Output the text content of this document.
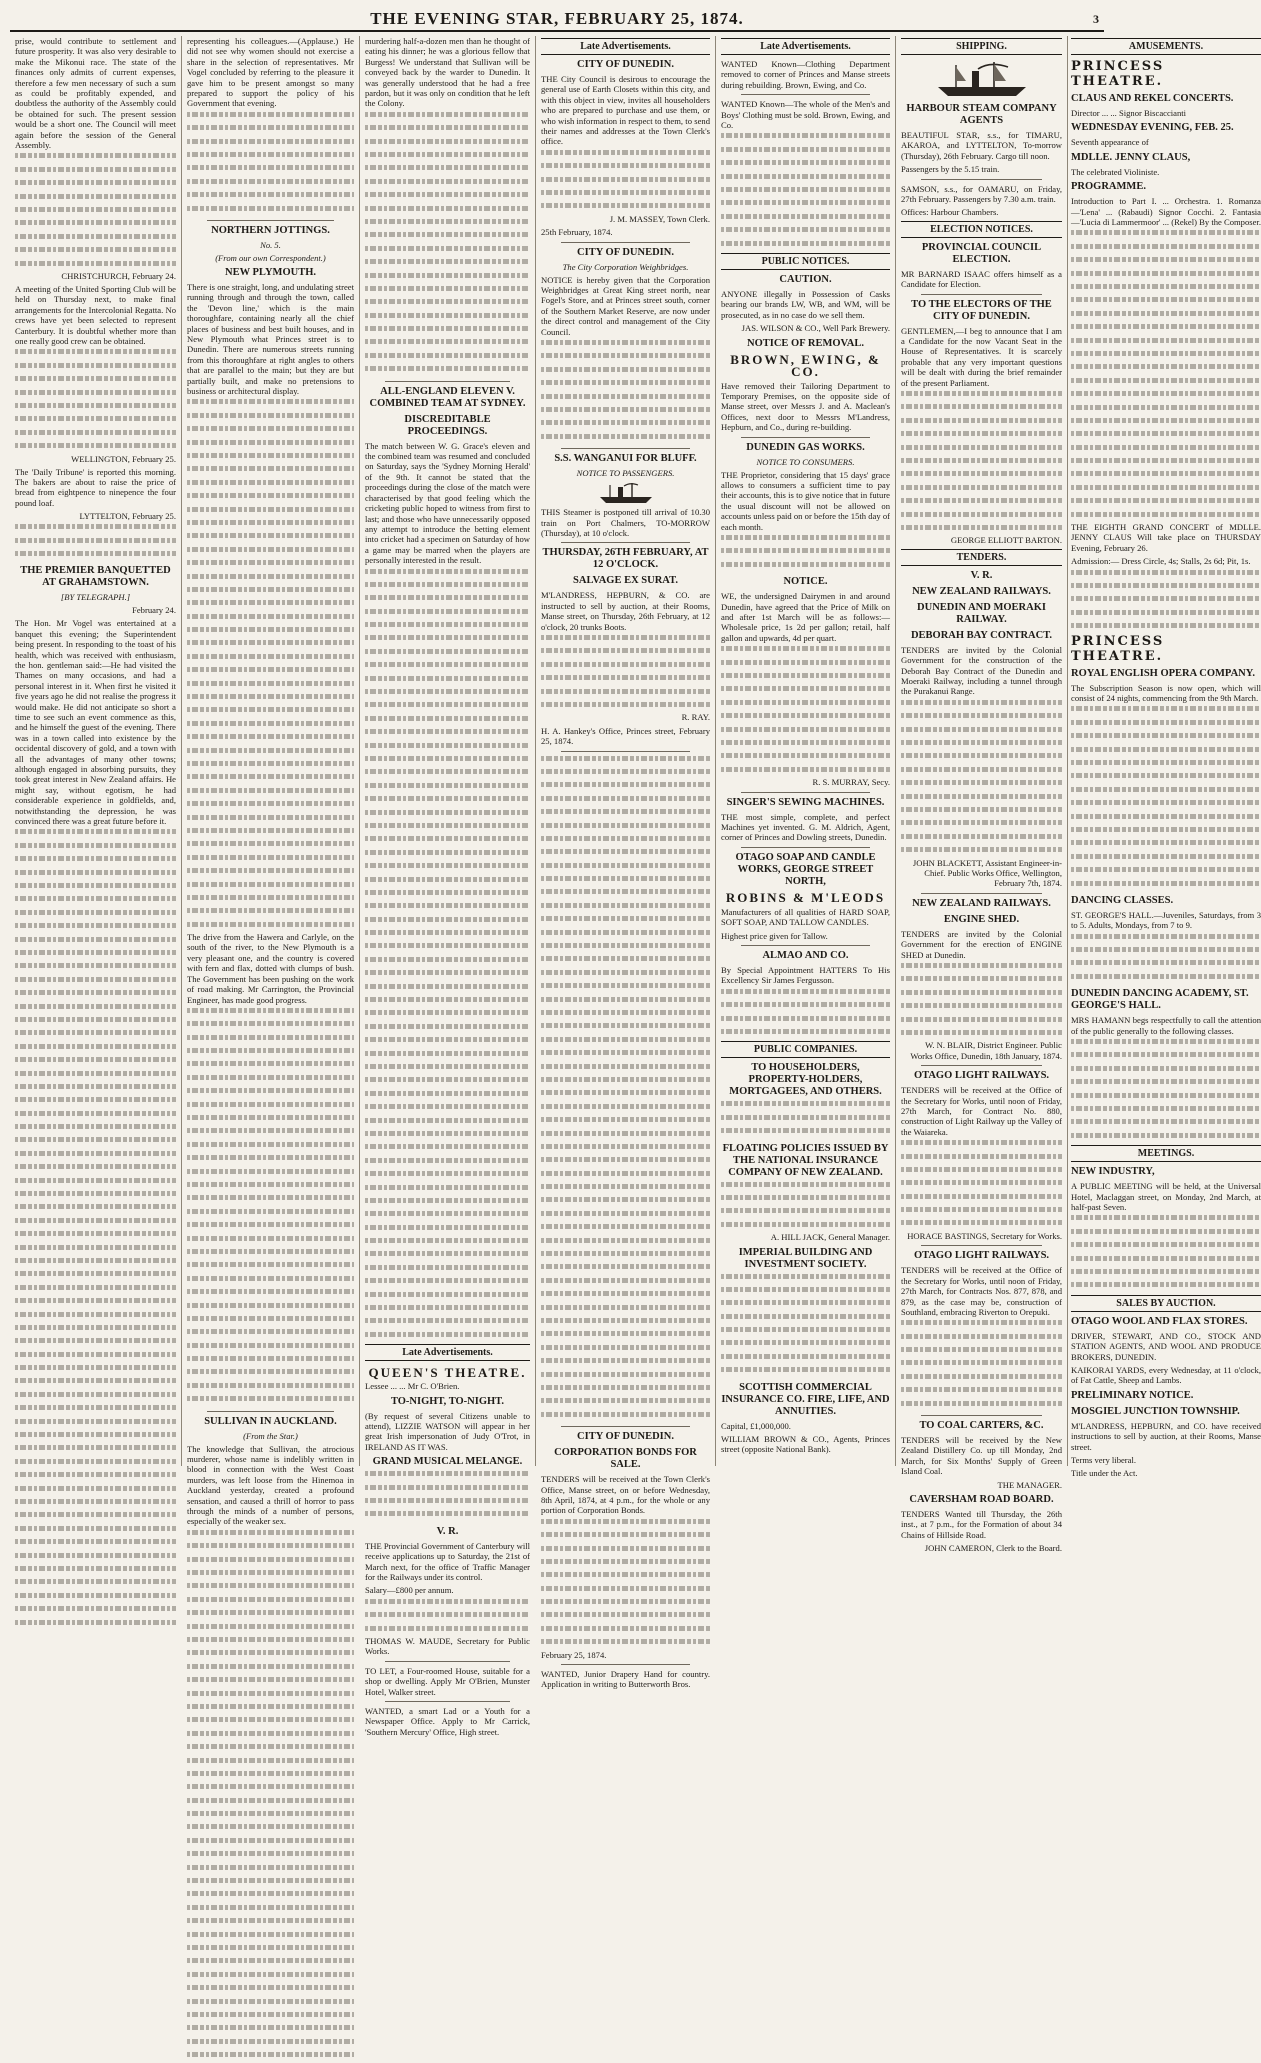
THE EVENING STAR, FEBRUARY 25, 1874.	3

prise, would contribute to settlement and future prosperity. It was also very desirable to make the Mikonui race. The state of the finances only admits of current expenses, therefore a few men necessary of such a sum as could be profitably expended, and doubtless the authority of the Assembly could be obtained for such. The present session would be a short one. The Council will meet again before the session of the General Assembly.

CHRISTCHURCH, February 24.

A meeting of the United Sporting Club will be held on Thursday next, to make final arrangements for the Intercolonial Regatta. No crews have yet been selected to represent Canterbury. It is doubtful whether more than one really good crew can be obtained.

WELLINGTON, February 25.

The 'Daily Tribune' is reported this morning. The bakers are about to raise the price of bread from eightpence to ninepence the four pound loaf.

LYTTELTON, February 25.
THE PREMIER BANQUETTED AT GRAHAMSTOWN.
[BY TELEGRAPH.]
February 24.

The Hon. Mr Vogel was entertained at a banquet this evening; the Superintendent being present. In responding to the toast of his health, which was received with enthusiasm, the hon. gentleman said:—He had visited the Thames on many occasions, and had a personal interest in it. When first he visited it five years ago he did not realise the progress it would make. He did not anticipate so short a time to see such an event commence as this, and he himself the guest of the evening. There was in a town called into existence by the occidental discovery of gold, and a town with all the advantages of many other towns; although engaged in absorbing pursuits, they took great interest in New Zealand affairs. He might say, without egotism, he had considerable experience in goldfields, and, notwithstanding the depression, he was convinced there was a great future before it.

representing his colleagues.—(Applause.) He did not see why women should not exercise a share in the selection of representatives. Mr Vogel concluded by referring to the pleasure it gave him to be present amongst so many prepared to support the policy of his Government that evening.

NORTHERN JOTTINGS.
No. 5.
(From our own Correspondent.)
NEW PLYMOUTH.

There is one straight, long, and undulating street running through and through the town, called the 'Devon line,' which is the main thoroughfare, containing nearly all the chief places of business and best built houses, and in New Plymouth what Princes street is to Dunedin. There are numerous streets running from this thoroughfare at right angles to others that are parallel to the main; but they are but partially built, and make no pretensions to business or architectural display.

The drive from the Hawera and Carlyle, on the south of the river, to the New Plymouth is a very pleasant one, and the country is covered with fern and flax, dotted with clumps of bush. The Government has been pushing on the work of road making. Mr Carrington, the Provincial Engineer, has made good progress.

SULLIVAN IN AUCKLAND.
(From the Star.)

The knowledge that Sullivan, the atrocious murderer, whose name is indelibly written in blood in connection with the West Coast murders, was left loose from the Hinemoa in Auckland yesterday, created a profound sensation, and caused a thrill of horror to pass through the minds of a number of persons, especially of the weaker sex.

murdering half-a-dozen men than he thought of eating his dinner; he was a glorious fellow that Burgess! We understand that Sullivan will be conveyed back by the warder to Dunedin. It was generally understood that he had a free pardon, but it was only on condition that he left the Colony.

ALL-ENGLAND ELEVEN V. COMBINED TEAM AT SYDNEY.
DISCREDITABLE PROCEEDINGS.

The match between W. G. Grace's eleven and the combined team was resumed and concluded on Saturday, says the 'Sydney Morning Herald' of the 9th. It cannot be stated that the proceedings during the close of the match were characterised by that good feeling which the cricketing public hoped to witness from first to last; and those who have unnecessarily opposed any attempt to introduce the betting element into cricket had a specimen on Saturday of how a game may be marred when the players are personally interested in the result.

Late Advertisements.
QUEEN'S THEATRE.

Lessee ... ... Mr C. O'Brien.

TO-NIGHT, TO-NIGHT.

(By request of several Citizens unable to attend), LIZZIE WATSON will appear in her great Irish impersonation of Judy O'Trot, in IRELAND AS IT WAS.

GRAND MUSICAL MELANGE.
V. R.

THE Provincial Government of Canterbury will receive applications up to Saturday, the 21st of March next, for the office of Traffic Manager for the Railways under its control.

Salary—£800 per annum.

THOMAS W. MAUDE, Secretary for Public Works.

TO LET, a Four-roomed House, suitable for a shop or dwelling. Apply Mr O'Brien, Munster Hotel, Walker street.

WANTED, a smart Lad or a Youth for a Newspaper Office. Apply to Mr Carrick, 'Southern Mercury' Office, High street.

Late Advertisements.
CITY OF DUNEDIN.

THE City Council is desirous to encourage the general use of Earth Closets within this city, and with this object in view, invites all householders who are prepared to purchase and use them, or who wish information in respect to them, to send their names and addresses at the Town Clerk's office.

J. M. MASSEY, Town Clerk.

25th February, 1874.

CITY OF DUNEDIN.
The City Corporation Weighbridges.

NOTICE is hereby given that the Corporation Weighbridges at Great King street north, near Fogel's Store, and at Princes street south, corner of the Southern Market Reserve, are now under the direct control and management of the City Council.

S.S. WANGANUI FOR BLUFF.
NOTICE TO PASSENGERS.

THIS Steamer is postponed till arrival of 10.30 train on Port Chalmers, TO-MORROW (Thursday), at 10 o'clock.

THURSDAY, 26TH FEBRUARY, AT 12 O'CLOCK.
SALVAGE EX SURAT.

M'LANDRESS, HEPBURN, & CO. are instructed to sell by auction, at their Rooms, Manse street, on Thursday, 26th February, at 12 o'clock, 20 trunks Boots.

R. RAY.

H. A. Hankey's Office, Princes street, February 25, 1874.

CITY OF DUNEDIN.
CORPORATION BONDS FOR SALE.

TENDERS will be received at the Town Clerk's Office, Manse street, on or before Wednesday, 8th April, 1874, at 4 p.m., for the whole or any portion of Corporation Bonds.

February 25, 1874.

WANTED, Junior Drapery Hand for country. Application in writing to Butterworth Bros.

Late Advertisements.

WANTED Known—Clothing Department removed to corner of Princes and Manse streets during rebuilding. Brown, Ewing, and Co.

WANTED Known—The whole of the Men's and Boys' Clothing must be sold. Brown, Ewing, and Co.

PUBLIC NOTICES.
CAUTION.

ANYONE illegally in Possession of Casks bearing our brands LW, WB, and WM, will be prosecuted, as in no case do we sell them.

JAS. WILSON & CO., Well Park Brewery.

NOTICE OF REMOVAL.
BROWN, EWING, & CO.

Have removed their Tailoring Department to Temporary Premises, on the opposite side of Manse street, over Messrs J. and A. Maclean's Offices, next door to Messrs M'Landress, Hepburn, and Co., during re-building.

DUNEDIN GAS WORKS.
NOTICE TO CONSUMERS.

THE Proprietor, considering that 15 days' grace allows to consumers a sufficient time to pay their accounts, this is to give notice that in future the usual discount will not be allowed on accounts unless paid on or before the 15th day of each month.

NOTICE.

WE, the undersigned Dairymen in and around Dunedin, have agreed that the Price of Milk on and after 1st March will be as follows:—Wholesale price, 1s 2d per gallon; retail, half gallon and upwards, 4d per quart.

R. S. MURRAY, Secy.

SINGER'S SEWING MACHINES.

THE most simple, complete, and perfect Machines yet invented. G. M. Aldrich, Agent, corner of Princes and Dowling streets, Dunedin.

OTAGO SOAP AND CANDLE WORKS, GEORGE STREET NORTH,
ROBINS & M'LEODS

Manufacturers of all qualities of HARD SOAP, SOFT SOAP, AND TALLOW CANDLES.

Highest price given for Tallow.

ALMAO AND CO.

By Special Appointment HATTERS To His Excellency Sir James Fergusson.

PUBLIC COMPANIES.
TO HOUSEHOLDERS, PROPERTY-HOLDERS, MORTGAGEES, AND OTHERS.
FLOATING POLICIES ISSUED BY THE NATIONAL INSURANCE COMPANY OF NEW ZEALAND.

A. HILL JACK, General Manager.

IMPERIAL BUILDING AND INVESTMENT SOCIETY.
SCOTTISH COMMERCIAL INSURANCE CO. FIRE, LIFE, AND ANNUITIES.

Capital, £1,000,000.

WILLIAM BROWN & CO., Agents, Princes street (opposite National Bank).

SHIPPING.
HARBOUR STEAM COMPANY AGENTS

BEAUTIFUL STAR, s.s., for TIMARU, AKAROA, and LYTTELTON, To-morrow (Thursday), 26th February. Cargo till noon.

Passengers by the 5.15 train.

SAMSON, s.s., for OAMARU, on Friday, 27th February. Passengers by 7.30 a.m. train.

Offices: Harbour Chambers.

ELECTION NOTICES.
PROVINCIAL COUNCIL ELECTION.

MR BARNARD ISAAC offers himself as a Candidate for Election.

TO THE ELECTORS OF THE CITY OF DUNEDIN.

GENTLEMEN,—I beg to announce that I am a Candidate for the now Vacant Seat in the House of Representatives. It is scarcely probable that any very important questions will be dealt with during the brief remainder of the present Parliament.

GEORGE ELLIOTT BARTON.

TENDERS.
V. R.
NEW ZEALAND RAILWAYS.
DUNEDIN AND MOERAKI RAILWAY.
DEBORAH BAY CONTRACT.

TENDERS are invited by the Colonial Government for the construction of the Deborah Bay Contract of the Dunedin and Moeraki Railway, including a tunnel through the Purakanui Range.

JOHN BLACKETT, Assistant Engineer-in-Chief. Public Works Office, Wellington, February 7th, 1874.

NEW ZEALAND RAILWAYS.
ENGINE SHED.

TENDERS are invited by the Colonial Government for the erection of ENGINE SHED at Dunedin.

W. N. BLAIR, District Engineer. Public Works Office, Dunedin, 18th January, 1874.

OTAGO LIGHT RAILWAYS.

TENDERS will be received at the Office of the Secretary for Works, until noon of Friday, 27th March, for Contract No. 880, construction of Light Railway up the Valley of the Waiareka.

HORACE BASTINGS, Secretary for Works.

OTAGO LIGHT RAILWAYS.

TENDERS will be received at the Office of the Secretary for Works, until noon of Friday, 27th March, for Contracts Nos. 877, 878, and 879, as the case may be, construction of Southland, embracing Riverton to Orepuki.

TO COAL CARTERS, &C.

TENDERS will be received by the New Zealand Distillery Co. up till Monday, 2nd March, for Six Months' Supply of Green Island Coal.

THE MANAGER.

CAVERSHAM ROAD BOARD.

TENDERS Wanted till Thursday, the 26th inst., at 7 p.m., for the Formation of about 34 Chains of Hillside Road.

JOHN CAMERON, Clerk to the Board.

AMUSEMENTS.
PRINCESS THEATRE.
CLAUS AND REKEL CONCERTS.

Director ... ... Signor Biscaccianti

WEDNESDAY EVENING, FEB. 25.

Seventh appearance of

MDLLE. JENNY CLAUS,

The celebrated Violiniste.

PROGRAMME.

Introduction to Part I. ... Orchestra. 1. Romanza—'Lena' ... (Rabaudi) Signor Cocchi. 2. Fantasia—'Lucia di Lammermoor' ... (Rekel) By the Composer.

THE EIGHTH GRAND CONCERT of MDLLE. JENNY CLAUS Will take place on THURSDAY Evening, February 26.

Admission:— Dress Circle, 4s; Stalls, 2s 6d; Pit, 1s.

PRINCESS THEATRE.
ROYAL ENGLISH OPERA COMPANY.

The Subscription Season is now open, which will consist of 24 nights, commencing from the 9th March.

DANCING CLASSES.

ST. GEORGE'S HALL.—Juveniles, Saturdays, from 3 to 5. Adults, Mondays, from 7 to 9.

DUNEDIN DANCING ACADEMY, ST. GEORGE'S HALL.

MRS HAMANN begs respectfully to call the attention of the public generally to the following classes.

MEETINGS.
NEW INDUSTRY,

A PUBLIC MEETING will be held, at the Universal Hotel, Maclaggan street, on Monday, 2nd March, at half-past Seven.

SALES BY AUCTION.
OTAGO WOOL AND FLAX STORES.

DRIVER, STEWART, AND CO., STOCK AND STATION AGENTS, AND WOOL AND PRODUCE BROKERS, DUNEDIN.

KAIKORAI YARDS, every Wednesday, at 11 o'clock, of Fat Cattle, Sheep and Lambs.

PRELIMINARY NOTICE.
MOSGIEL JUNCTION TOWNSHIP.

M'LANDRESS, HEPBURN, and CO. have received instructions to sell by auction, at their Rooms, Manse street.

Terms very liberal.

Title under the Act.
